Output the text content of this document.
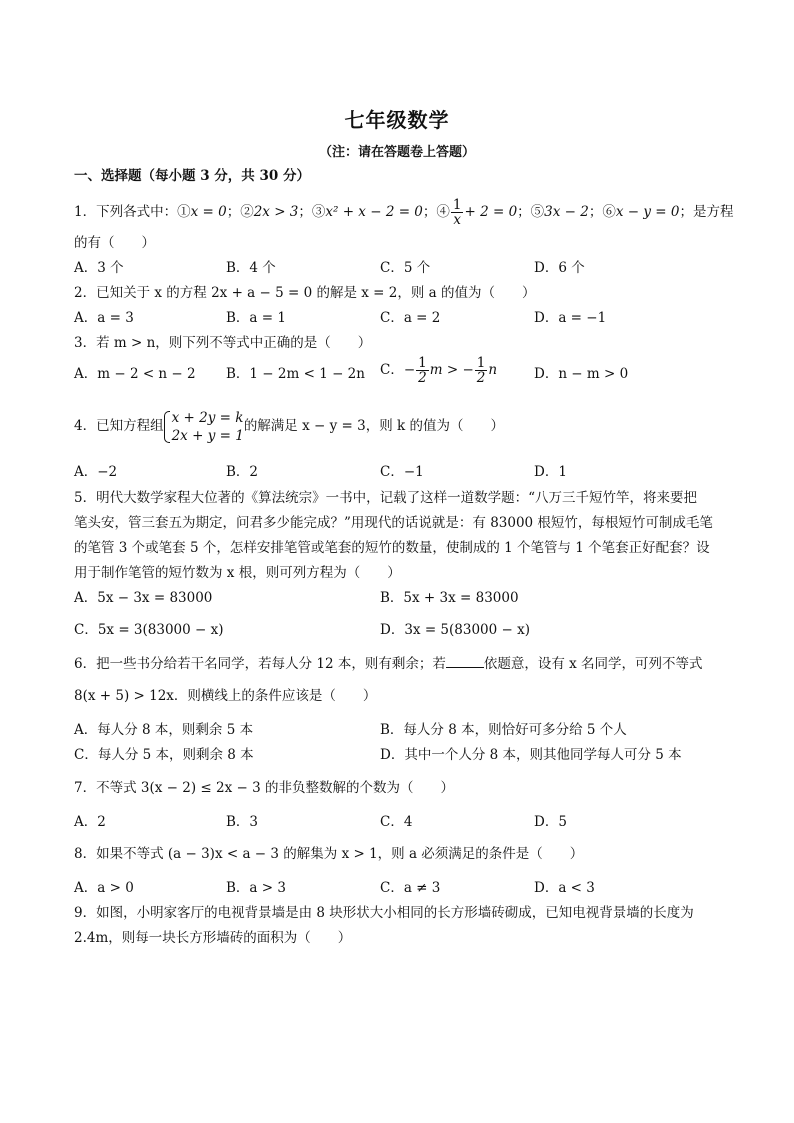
七年级数学
（注：请在答题卷上答题）
一、选择题（每小题 3 分，共 30 分）
1．下列各式中：①x = 0；②2x > 3；③x² + x − 2 = 0；④ $\frac{1}{x} + 2 = 0$；⑤3x − 2；⑥x − y = 0；是方程
的有（　　）
A．3 个	B．4 个	C．5 个	D．6 个
2．已知关于 x 的方程 2x + a − 5 = 0 的解是 x = 2，则 a 的值为（　　）
A．a = 3	B．a = 1	C．a = 2	D．a = −1
3．若 m > n，则下列不等式中正确的是（　　）
A．m − 2 < n − 2 B．1 − 2m < 1 − 2n C．− $\frac{1}{2}$ m > − $\frac{1}{2}$ n	D．n − m > 0
4．已知方程组
x + 2y = k
2x + y = 1
的解满足 x − y = 3，则 k 的值为（　　）
A．−2	B．2	C．−1	D．1
5．明代大数学家程大位著的《算法统宗》一书中，记载了这样一道数学题：“八万三千短竹竿，将来要把
笔头安，管三套五为期定，问君多少能完成？”用现代的话说就是：有 83000 根短竹，每根短竹可制成毛笔
的笔管 3 个或笔套 5 个，怎样安排笔管或笔套的短竹的数量，使制成的 1 个笔管与 1 个笔套正好配套？设
用于制作笔管的短竹数为 x 根，则可列方程为（　　）
A．5x − 3x = 83000	B．5x + 3x = 83000
C．5x = 3(83000 − x)	D．3x = 5(83000 − x)
6．把一些书分给若干名同学，若每人分 12 本，则有剩余；若	依题意，设有 x 名同学，可列不等式
8(x + 5) > 12x．则横线上的条件应该是（　　）
A．每人分 8 本，则剩余 5 本	B．每人分 8 本，则恰好可多分给 5 个人
C．每人分 5 本，则剩余 8 本	D．其中一个人分 8 本，则其他同学每人可分 5 本
7．不等式 3(x − 2) ≤ 2x − 3 的非负整数解的个数为（　　）
A．2	B．3	C．4	D．5
8．如果不等式 (a − 3)x < a − 3 的解集为 x > 1，则 a 必须满足的条件是（　　）
A．a > 0	B．a > 3	C．a ≠ 3	D．a < 3
9．如图，小明家客厅的电视背景墙是由 8 块形状大小相同的长方形墙砖砌成，已知电视背景墙的长度为
2.4m，则每一块长方形墙砖的面积为（　　）
